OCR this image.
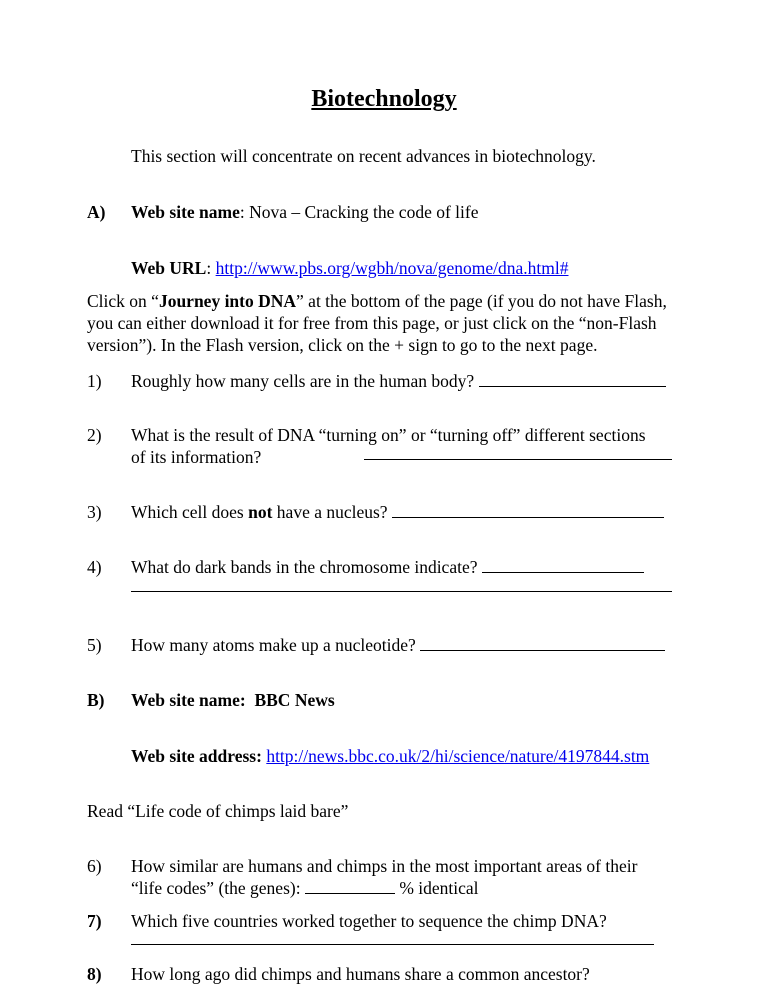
Biotechnology
This section will concentrate on recent advances in biotechnology.
A) Web site name: Nova – Cracking the code of life
Web URL: http://www.pbs.org/wgbh/nova/genome/dna.html#
Click on “Journey into DNA” at the bottom of the page (if you do not have Flash, you can either download it for free from this page, or just click on the “non-Flash version”). In the Flash version, click on the + sign to go to the next page.
1) Roughly how many cells are in the human body?
2) What is the result of DNA “turning on” or “turning off” different sections of its information?
3) Which cell does not have a nucleus?
4) What do dark bands in the chromosome indicate?
5) How many atoms make up a nucleotide?
B) Web site name:  BBC News
Web site address: http://news.bbc.co.uk/2/hi/science/nature/4197844.stm
Read “Life code of chimps laid bare”
6) How similar are humans and chimps in the most important areas of their “life codes” (the genes):	% identical
7) Which five countries worked together to sequence the chimp DNA?
8) How long ago did chimps and humans share a common ancestor?
